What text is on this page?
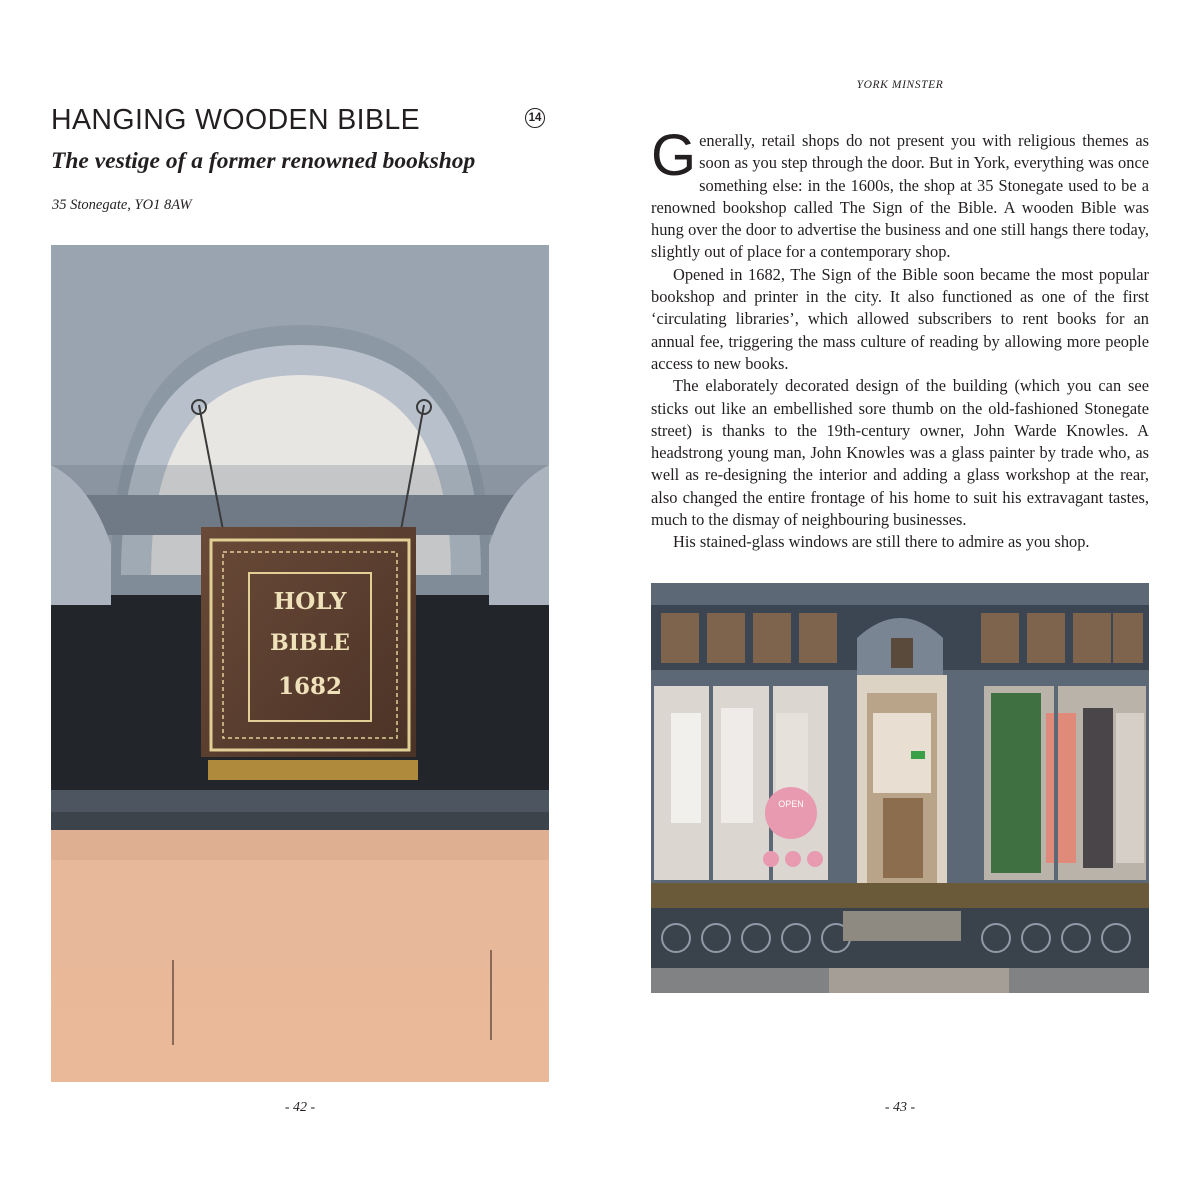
HANGING WOODEN BIBLE	14
The vestige of a former renowned bookshop
35 Stonegate, YO1 8AW
HOLY
BIBLE
1682
- 42 -
YORK MINSTER

Generally, retail shops do not present you with religious themes as soon as you step through the door. But in York, everything was once something else: in the 1600s, the shop at 35 Stonegate used to be a renowned bookshop called The Sign of the Bible. A wooden Bible was hung over the door to advertise the business and one still hangs there today, slightly out of place for a contemporary shop.

Opened in 1682, The Sign of the Bible soon became the most popular bookshop and printer in the city. It also functioned as one of the first ‘circulating libraries’, which allowed subscribers to rent books for an annual fee, triggering the mass culture of reading by allowing more people access to new books.

The elaborately decorated design of the building (which you can see sticks out like an embellished sore thumb on the old-fashioned Stonegate street) is thanks to the 19th-century owner, John Warde Knowles. A headstrong young man, John Knowles was a glass painter by trade who, as well as re-designing the interior and adding a glass workshop at the rear, also changed the entire frontage of his home to suit his extravagant tastes, much to the dismay of neighbouring businesses.

His stained-glass windows are still there to admire as you shop.

OPEN
- 43 -
